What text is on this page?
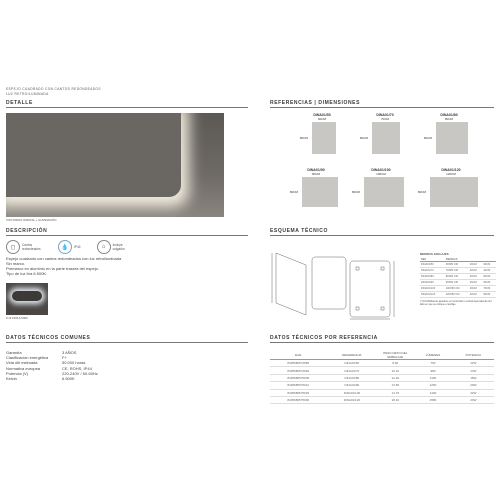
ESPEJO CUADRADO CON CANTOS REDONDEADOS
LUZ RETROILUMINADA
DETALLE
CONTORNO ONDITAL + ILUMINACIÓN
REFERENCIAS | DIMENSIONES
DINA01/50
60CM
80CM
DINA01/70
70CM
80CM
DINA01/80
80CM
80CM
DINA01/90
90CM
80CM
DINA01/100
100CM
80CM
DINA01/120
120CM
80CM
DESCRIPCIÓN
◻	Cantos redondeados	💧	IP44	⌂	Incluye colgador
Espejo cuadrado con cantos redondeados con luz retroiluminada
Sin marco.
Premarco en aluminio en la parte trasera del espejo.
Tipo de luz fría 6.500K.
LUZ FRÍA 6.500K
ESQUEMA TÉCNICO
MEDIDAS ANCLAJES
REF.	MEDIDAS		
DINA01/50	60X80 CM	20CM	30CM
DINA01/70	70X80 CM	20CM	40CM
DINA01/80	80X80 CM	20CM	50CM
DINA01/90	90X80 CM	20CM	60CM
DINA01/100	100X80 CM	20CM	70CM
DINA01/120	120X80 CM	20CM	90CM
(*) Posibilidad de ajustarse en horizontal o vertical dependiendo del lado en que se coloque el anclaje.
DATOS TÉCNICOS COMUNES
Garantía	3 AÑOS
Clasificación energética	F+
Vida útil estimada	50.000 horas
Normativa europea	CE, ROHS, IP44
Potencia (V)	220-240V / 50-60Hz
Kelvin	6.500K
DATOS TÉCNICOS POR REFERENCIA
EAN	REFERENCIA	PESO NETO DEL EMBALAJE	LÚMENES	POTENCIA
8435680574985	DINA01/50	8.60	750	12W
8435680574992	DINA01/70	10.10	980	14W
8435680575005	DINA01/80	12.20	1100	18W
8435680575012	DINA01/90	13.50	1250	20W
8435680575029	DINA01/100	14.70	1400	22W
8435680575036	DINA01/120	18.10	1580	24W
